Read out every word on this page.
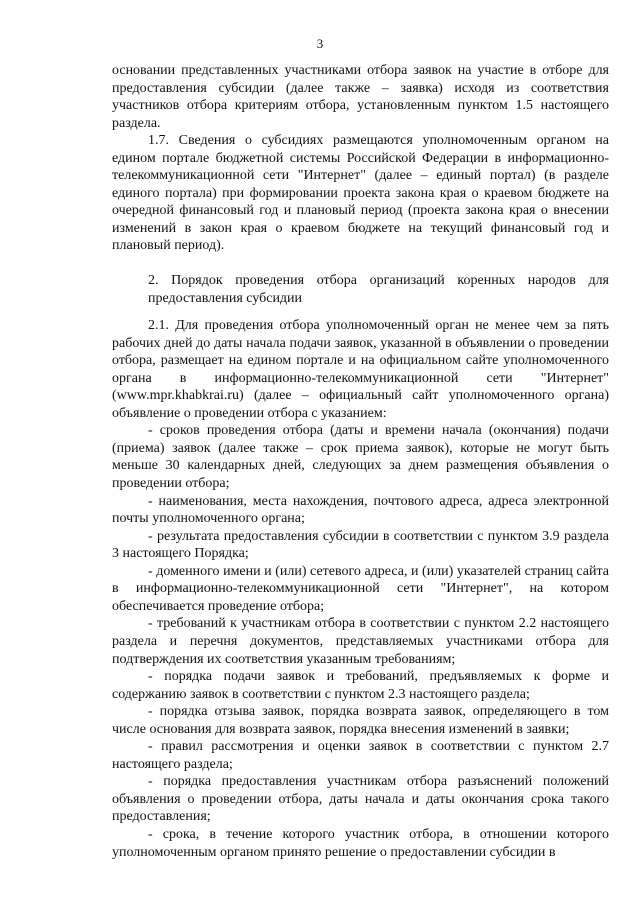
3

основании представленных участниками отбора заявок на участие в отборе для предоставления субсидии (далее также – заявка) исходя из соответствия участников отбора критериям отбора, установленным пунктом 1.5 настоящего раздела.

1.7. Сведения о субсидиях размещаются уполномоченным органом на едином портале бюджетной системы Российской Федерации в информационно-телекоммуникационной сети "Интернет" (далее – единый портал) (в разделе единого портала) при формировании проекта закона края о краевом бюджете на очередной финансовый год и плановый период (проекта закона края о внесении изменений в закон края о краевом бюджете на текущий финансовый год и плановый период).

2. Порядок проведения отбора организаций коренных народов для предоставления субсидии

2.1. Для проведения отбора уполномоченный орган не менее чем за пять рабочих дней до даты начала подачи заявок, указанной в объявлении о проведении отбора, размещает на едином портале и на официальном сайте уполномоченного органа в информационно-телекоммуникационной сети "Интернет" (www.mpr.khabkrai.ru) (далее – официальный сайт уполномоченного органа) объявление о проведении отбора с указанием:

- сроков проведения отбора (даты и времени начала (окончания) подачи (приема) заявок (далее также – срок приема заявок), которые не могут быть меньше 30 календарных дней, следующих за днем размещения объявления о проведении отбора;

- наименования, места нахождения, почтового адреса, адреса электронной почты уполномоченного органа;

- результата предоставления субсидии в соответствии с пунктом 3.9 раздела 3 настоящего Порядка;

- доменного имени и (или) сетевого адреса, и (или) указателей страниц сайта в информационно-телекоммуникационной сети "Интернет", на котором обеспечивается проведение отбора;

- требований к участникам отбора в соответствии с пунктом 2.2 настоящего раздела и перечня документов, представляемых участниками отбора для подтверждения их соответствия указанным требованиям;

- порядка подачи заявок и требований, предъявляемых к форме и содержанию заявок в соответствии с пунктом 2.3 настоящего раздела;

- порядка отзыва заявок, порядка возврата заявок, определяющего в том числе основания для возврата заявок, порядка внесения изменений в заявки;

- правил рассмотрения и оценки заявок в соответствии с пунктом 2.7 настоящего раздела;

- порядка предоставления участникам отбора разъяснений положений объявления о проведении отбора, даты начала и даты окончания срока такого предоставления;

- срока, в течение которого участник отбора, в отношении которого уполномоченным органом принято решение о предоставлении субсидии в
